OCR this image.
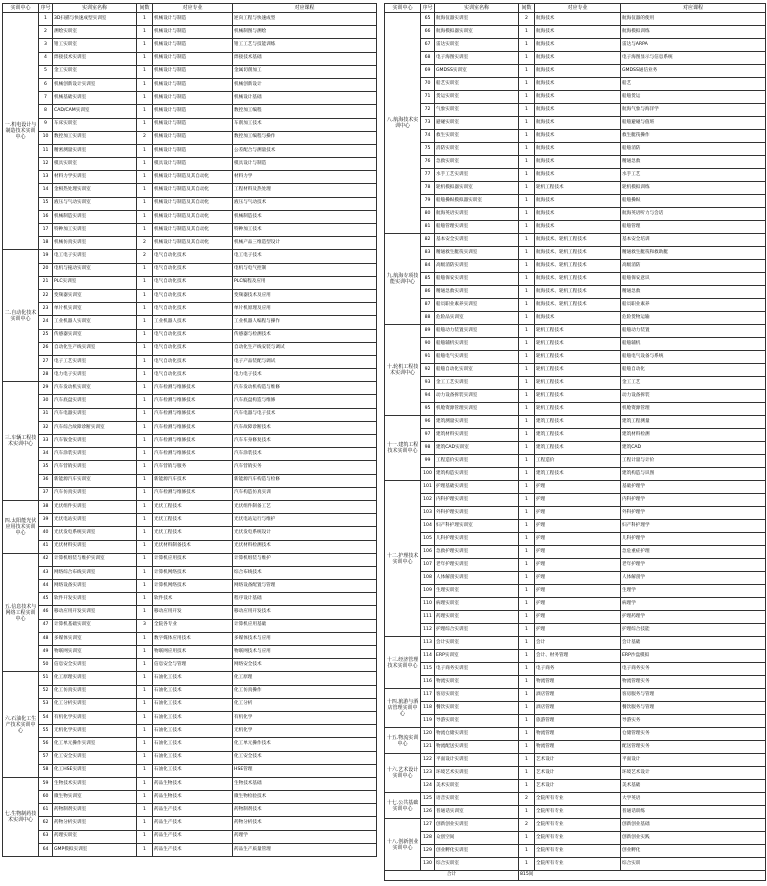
实训中心	序号	实训室名称	间数	对应专业	对应课程
一.机电设计与制造技术实训中心	1	3D扫描与快速成型实训室	1	机械设计与制造	逆向工程与快速成型
	2	测绘实训室	1	机械设计与制造	机械制图与测绘
	3	钳工实训室	1	机械设计与制造	钳工工艺与技能训练
	4	焊接技术实训室	1	机械设计与制造	焊接技术基础
	5	金工实训室	1	机械设计与制造	金属切削加工
	6	机械创新设计实训室	1	机械设计与制造	机械创新设计
	7	机械基础实训室	1	机械设计与制造	机械设计基础
	8	CAD/CAM实训室	1	机械设计与制造	数控加工编程
	9	车床实训室	1	机械设计与制造	车削加工技术
	10	数控加工实训室	2	机械设计与制造	数控加工编程与操作
	11	精密测量实训室	1	机械设计与制造	公差配合与测量技术
	12	模具实训室	1	模具设计与制造	模具设计与制造
	13	材料力学实训室	1	机械设计与制造及其自动化	材料力学
	14	金相热处理实训室	1	机械设计与制造及其自动化	工程材料及热处理
	15	液压与气动实训室	1	机械设计与制造及其自动化	液压与气动技术
	16	机械制造实训室	1	机械设计与制造及其自动化	机械制造技术
	17	特种加工实训室	1	机械设计与制造及其自动化	特种加工技术
	18	机械仿真实训室	2	机械设计与制造及其自动化	机械产品三维造型设计
二.自动化技术实训中心	19	电工电子实训室	2	电气自动化技术	电工电子技术
	20	电机与拖动实训室	1	电气自动化技术	电机与电气控制
	21	PLC实训室	1	电气自动化技术	PLC编程及应用
	22	变频器实训室	1	电气自动化技术	变频器技术及应用
	23	单片机实训室	1	电气自动化技术	单片机原理及应用
	24	工业机器人实训室	1	工业机器人技术	工业机器人编程与操作
	25	传感器实训室	1	电气自动化技术	传感器与检测技术
	26	自动化生产线实训室	1	电气自动化技术	自动化生产线安装与调试
	27	电子工艺实训室	1	电气自动化技术	电子产品装配与调试
	28	电力电子实训室	1	电气自动化技术	电力电子技术
三.车辆工程技术实训中心	29	汽车发动机实训室	1	汽车检测与维修技术	汽车发动机构造与维修
	30	汽车底盘实训室	1	汽车检测与维修技术	汽车底盘构造与维修
	31	汽车电器实训室	1	汽车检测与维修技术	汽车电器与电子技术
	32	汽车综合故障诊断实训室	1	汽车检测与维修技术	汽车故障诊断技术
	33	汽车钣金实训室	1	汽车检测与维修技术	汽车车身修复技术
	34	汽车涂装实训室	1	汽车检测与维修技术	汽车涂装技术
	35	汽车营销实训室	1	汽车营销与服务	汽车营销实务
	36	新能源汽车实训室	1	新能源汽车技术	新能源汽车构造与检修
	37	汽车仿真实训室	1	汽车检测与维修技术	汽车构造仿真实训
四.太阳能光伏应用技术实训中心	38	光伏组件实训室	1	光伏工程技术	光伏组件制备工艺
	39	光伏电站实训室	1	光伏工程技术	光伏电站运行与维护
	40	光伏发电系统实训室	1	光伏工程技术	光伏发电系统设计
	41	光伏材料实训室	1	光伏材料制备技术	光伏材料检测技术
五.信息技术与网络工程实训中心	42	计算机组装与维护实训室	1	计算机应用技术	计算机组装与维护
	43	网络综合布线实训室	1	计算机网络技术	综合布线技术
	44	网络设备实训室	1	计算机网络技术	网络设备配置与管理
	45	软件开发实训室	1	软件技术	程序设计基础
	46	移动应用开发实训室	1	移动应用开发	移动应用开发技术
	47	计算机基础实训室	3	全院各专业	计算机应用基础
	48	多媒体实训室	1	数字媒体应用技术	多媒体技术与应用
	49	物联网实训室	1	物联网应用技术	物联网技术与应用
	50	信息安全实训室	1	信息安全与管理	网络安全技术
六.石油化工生产技术实训中心	51	化工原理实训室	1	石油化工技术	化工原理
	52	化工仿真实训室	1	石油化工技术	化工仿真操作
	53	化工分析实训室	1	石油化工技术	化工分析
	54	有机化学实训室	1	石油化工技术	有机化学
	55	无机化学实训室	1	石油化工技术	无机化学
	56	化工单元操作实训室	1	石油化工技术	化工单元操作技术
	57	化工安全实训室	1	石油化工技术	化工安全技术
	58	化工HSE实训室	1	石油化工技术	HSE管理
七.生物制药技术实训中心	59	生物技术实训室	1	药品生物技术	生物技术基础
	60	微生物实训室	1	药品生物技术	微生物检验技术
	61	药物制剂实训室	1	药品生产技术	药物制剂技术
	62	药物分析实训室	1	药品生产技术	药物分析技术
	63	药理实训室	1	药品生产技术	药理学
	64	GMP模拟实训室	1	药品生产技术	药品生产质量管理
实训中心	序号	实训室名称	间数	对应专业	对应课程
八.航海技术实训中心	65	航海仪器实训室	2	航海技术	航海仪器的使用
	66	航海模拟器实训室	1	航海技术	航海模拟训练
	67	雷达实训室	1	航海技术	雷达与ARPA
	68	电子海图实训室	1	航海技术	电子海图显示与信息系统
	69	GMDSS实训室	1	航海技术	GMDSS通信业务
	70	船艺实训室	1	航海技术	船艺
	71	货运实训室	1	航海技术	船舶货运
	72	气象实训室	1	航海技术	航海气象与海洋学
	73	避碰实训室	1	航海技术	船舶避碰与值班
	74	救生实训室	1	航海技术	救生艇筏操作
	75	消防实训室	1	航海技术	船舶消防
	76	急救实训室	1	航海技术	精通急救
	77	水手工艺实训室	1	航海技术	水手工艺
	78	轮机模拟器实训室	1	轮机工程技术	轮机模拟训练
	79	船舶操纵模拟器实训室	1	航海技术	船舶操纵
	80	航海英语实训室	1	航海技术	航海英语听力与会话
	81	船舶管理实训室	1	航海技术	船舶管理
九.航海专项技能实训中心	82	基本安全实训室	1	航海技术、轮机工程技术	基本安全培训
	83	精通救生艇筏实训室	1	航海技术、轮机工程技术	精通救生艇筏和救助艇
	84	高级消防实训室	1	航海技术、轮机工程技术	高级消防
	85	船舶保安实训室	1	航海技术、轮机工程技术	船舶保安意识
	86	精通急救实训室	1	航海技术、轮机工程技术	精通急救
	87	船员职业素养实训室	1	航海技术、轮机工程技术	船员职业素养
	88	危险品实训室	1	航海技术	危险货物运输
十.轮机工程技术实训中心	89	船舶动力装置实训室	1	轮机工程技术	船舶动力装置
	90	船舶辅机实训室	1	轮机工程技术	船舶辅机
	91	船舶电气实训室	1	轮机工程技术	船舶电气设备与系统
	92	船舶自动化实训室	1	轮机工程技术	船舶自动化
	93	金工工艺实训室	1	轮机工程技术	金工工艺
	94	动力设备拆装实训室	1	轮机工程技术	动力设备拆装
	95	机舱资源管理实训室	1	轮机工程技术	机舱资源管理
十一.建筑工程技术实训中心	96	建筑测量实训室	1	建筑工程技术	建筑工程测量
	97	建筑材料实训室	1	建筑工程技术	建筑材料检测
	98	建筑CAD实训室	1	建筑工程技术	建筑CAD
	99	工程造价实训室	1	工程造价	工程计量与计价
	100	建筑构造实训室	1	建筑工程技术	建筑构造与识图
十二.护理技术实训中心	101	护理基础实训室	1	护理	基础护理学
	102	内科护理实训室	1	护理	内科护理学
	103	外科护理实训室	1	护理	外科护理学
	104	妇产科护理实训室	1	护理	妇产科护理学
	105	儿科护理实训室	1	护理	儿科护理学
	106	急救护理实训室	1	护理	急危重症护理
	107	老年护理实训室	1	护理	老年护理学
	108	人体解剖实训室	1	护理	人体解剖学
	109	生理实训室	1	护理	生理学
	110	病理实训室	1	护理	病理学
	111	药理实训室	1	护理	护理药理学
	112	护理综合实训室	1	护理	护理综合技能
十三.经济管理技术实训中心	113	会计实训室	1	会计	会计基础
	114	ERP实训室	1	会计、财务管理	ERP沙盘模拟
	115	电子商务实训室	1	电子商务	电子商务实务
	116	物流实训室	1	物流管理	物流管理实务
十四.旅游与酒店管理实训中心	117	客房实训室	1	酒店管理	客房服务与管理
	118	餐饮实训室	1	酒店管理	餐饮服务与管理
	119	导游实训室	1	旅游管理	导游实务
十五.物流实训中心	120	物流仓储实训室	1	物流管理	仓储管理实务
	121	物流配送实训室	1	物流管理	配送管理实务
十六.艺术设计实训中心	122	平面设计实训室	1	艺术设计	平面设计
	123	环境艺术实训室	1	艺术设计	环境艺术设计
	124	美术实训室	1	艺术设计	美术基础
十七.公共基础实训中心	125	语音实训室	2	全院所有专业	大学英语
	126	普通话实训室	1	全院所有专业	普通话训练
十八.创新创业实训中心	127	创新创业实训室	2	全院所有专业	创新创业基础
	128	众创空间	1	全院所有专业	创新创业实践
	129	创业孵化实训室	1	全院所有专业	创业孵化
	130	综合实训室	1	全院所有专业	综合实训
合计			815间		
